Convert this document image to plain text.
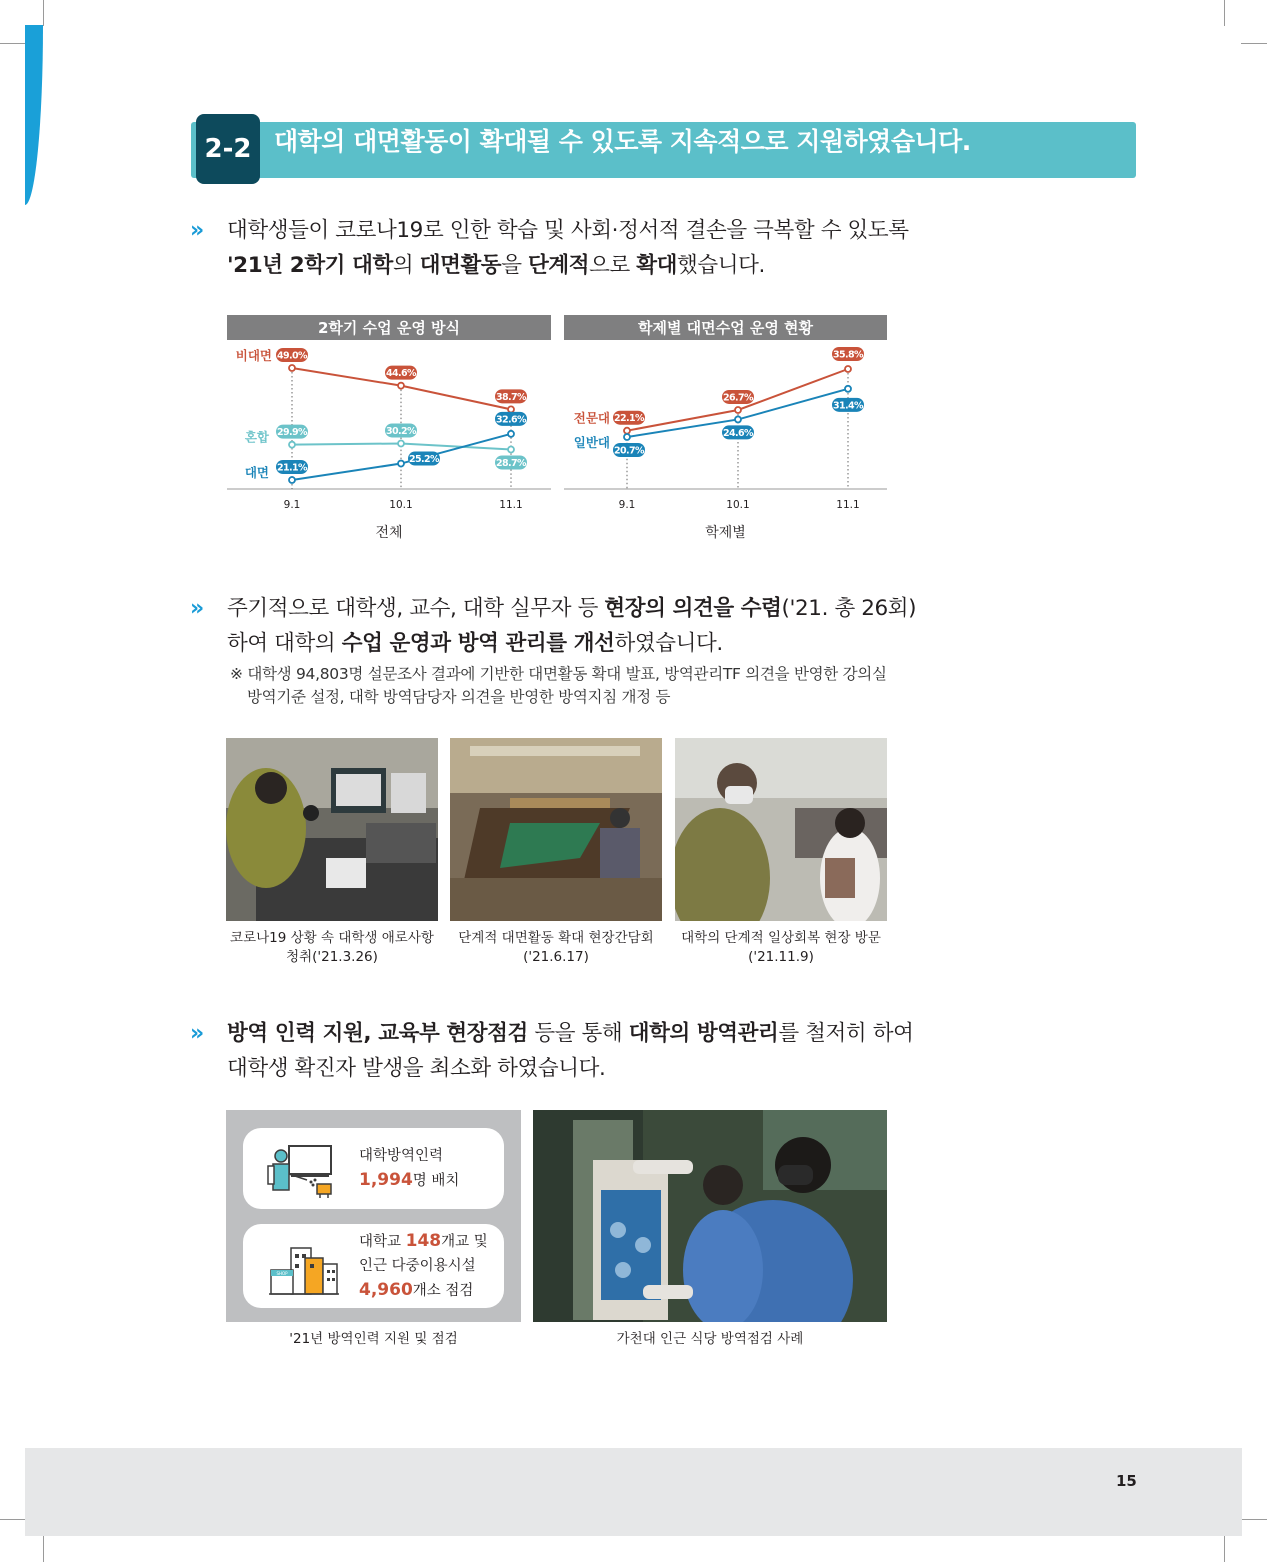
2-2 대학의 대면활동이 확대될 수 있도록 지속적으로 지원하였습니다.
» 대학생들이 코로나19로 인한 학습 및 사회·정서적 결손을 극복할 수 있도록
'21년 2학기 대학의 대면활동을 단계적으로 확대했습니다.
2학기 수업 운영 방식
9.1	10.1	11.1
49.0%
44.6%
38.7%
비대면
29.9%	30.2%
28.7%
혼합
21.1%
25.2%
32.6%
대면
전체
학제별 대면수업 운영 현황
9.1	10.1	11.1
22.1%
26.7%
35.8%
전문대
20.7%
24.6%
31.4%
일반대
학제별
» 주기적으로 대학생, 교수, 대학 실무자 등 현장의 의견을 수렴('21. 총 26회)
하여 대학의 수업 운영과 방역 관리를 개선하였습니다.
※ 대학생 94,803명 설문조사 결과에 기반한 대면활동 확대 발표, 방역관리TF 의견을 반영한 강의실
방역기준 설정, 대학 방역담당자 의견을 반영한 방역지침 개정 등
코로나19 상황 속 대학생 애로사항
청취('21.3.26)
단계적 대면활동 확대 현장간담회
('21.6.17)
대학의 단계적 일상회복 현장 방문
('21.11.9)
» 방역 인력 지원, 교육부 현장점검 등을 통해 대학의 방역관리를 철저히 하여
대학생 확진자 발생을 최소화 하였습니다.
대학방역인력
1,994명 배치
SHOP
대학교 148개교 및
인근 다중이용시설
4,960개소 점검
'21년 방역인력 지원 및 점검	가천대 인근 식당 방역점검 사례
15
